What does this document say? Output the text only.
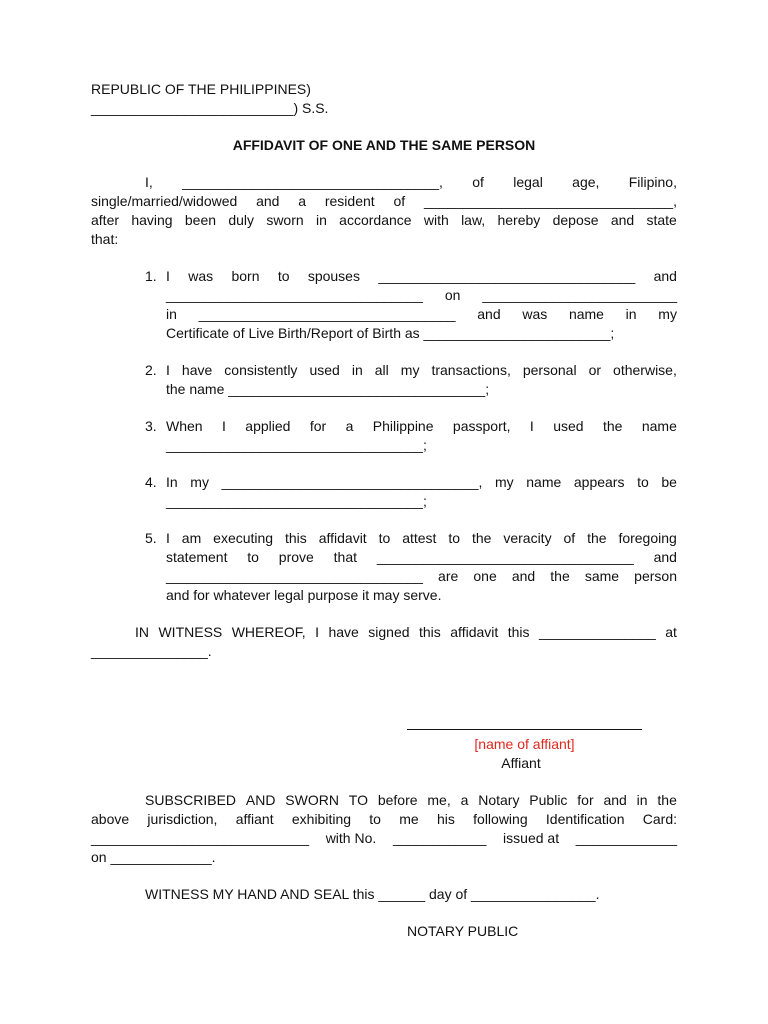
REPUBLIC OF THE PHILIPPINES)
__________________________) S.S.
AFFIDAVIT OF ONE AND THE SAME PERSON
I, _________________________________, of legal age, Filipino,
single/married/widowed and a resident of ________________________________,
after having been duly sworn in accordance with law, hereby depose and state
that:
1. I was born to spouses _________________________________ and
_________________________________ on _________________________
in _________________________________ and was name in my
Certificate of Live Birth/Report of Birth as ________________________;
2. I have consistently used in all my transactions, personal or otherwise,
the name _________________________________;
3. When I applied for a Philippine passport, I used the name
_________________________________;
4. In my _________________________________, my name appears to be
_________________________________;
5. I am executing this affidavit to attest to the veracity of the foregoing
statement to prove that _________________________________ and
_________________________________ are one and the same person
and for whatever legal purpose it may serve.
IN WITNESS WHEREOF, I have signed this affidavit this _______________ at
_______________.
[name of affiant]
Affiant
SUBSCRIBED AND SWORN TO before me, a Notary Public for and in the
above jurisdiction, affiant exhibiting to me his following Identification Card:
____________________________ with No. ____________ issued at _____________
on _____________.
WITNESS MY HAND AND SEAL this ______ day of ________________.
NOTARY PUBLIC
